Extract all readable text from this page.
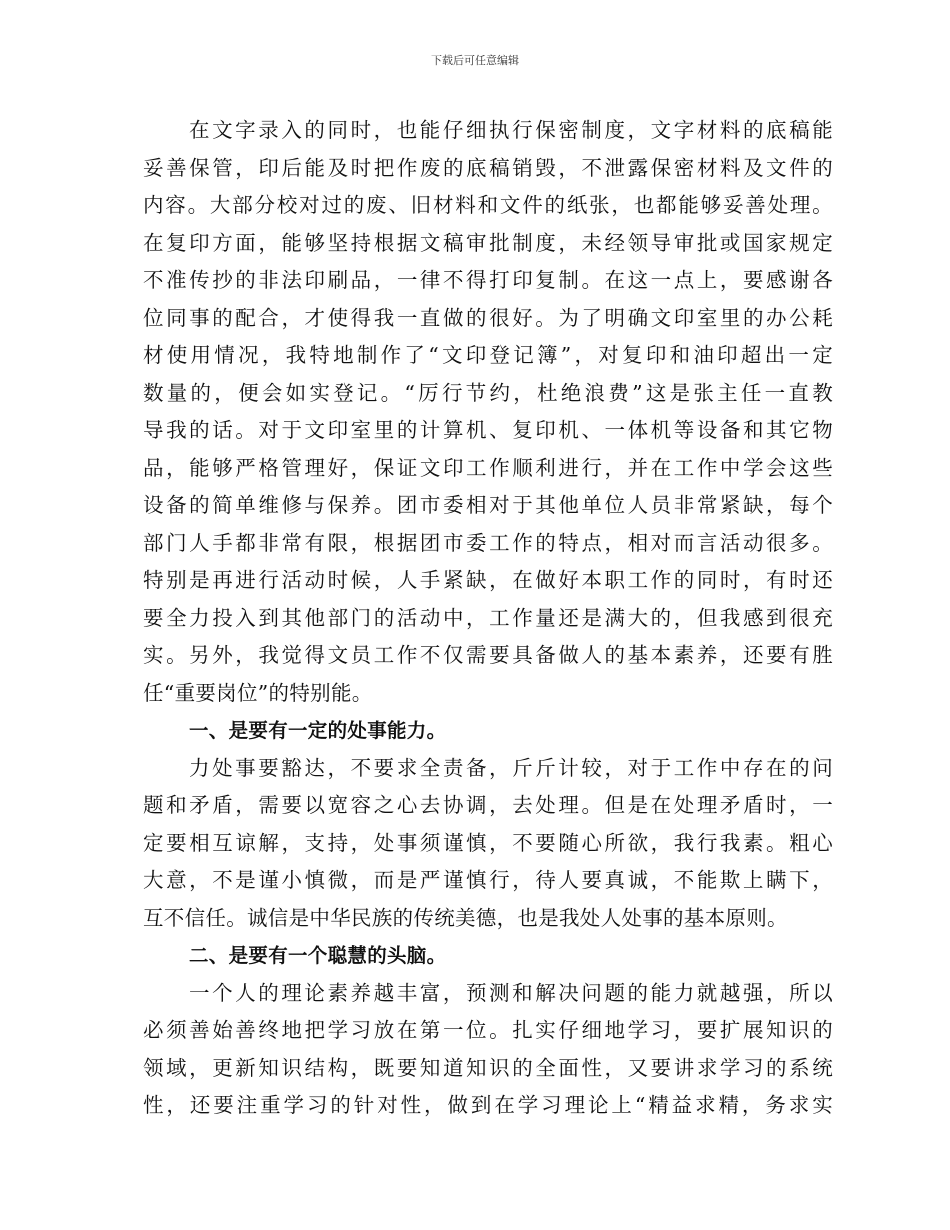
下载后可任意编辑
在文字录入的同时，也能仔细执行保密制度，文字材料的底稿能
妥善保管，印后能及时把作废的底稿销毁，不泄露保密材料及文件的
内容。大部分校对过的废、旧材料和文件的纸张，也都能够妥善处理。
在复印方面，能够坚持根据文稿审批制度，未经领导审批或国家规定
不准传抄的非法印刷品，一律不得打印复制。在这一点上，要感谢各
位同事的配合，才使得我一直做的很好。为了明确文印室里的办公耗
材使用情况，我特地制作了“文印登记簿”，对复印和油印超出一定
数量的，便会如实登记。“厉行节约，杜绝浪费”这是张主任一直教
导我的话。对于文印室里的计算机、复印机、一体机等设备和其它物
品，能够严格管理好，保证文印工作顺利进行，并在工作中学会这些
设备的简单维修与保养。团市委相对于其他单位人员非常紧缺，每个
部门人手都非常有限，根据团市委工作的特点，相对而言活动很多。
特别是再进行活动时候，人手紧缺，在做好本职工作的同时，有时还
要全力投入到其他部门的活动中，工作量还是满大的，但我感到很充
实。另外，我觉得文员工作不仅需要具备做人的基本素养，还要有胜
任“重要岗位”的特别能。
一、是要有一定的处事能力。
力处事要豁达，不要求全责备，斤斤计较，对于工作中存在的问
题和矛盾，需要以宽容之心去协调，去处理。但是在处理矛盾时，一
定要相互谅解，支持，处事须谨慎，不要随心所欲，我行我素。粗心
大意，不是谨小慎微，而是严谨慎行，待人要真诚，不能欺上瞒下，
互不信任。诚信是中华民族的传统美德，也是我处人处事的基本原则。
二、是要有一个聪慧的头脑。
一个人的理论素养越丰富，预测和解决问题的能力就越强，所以
必须善始善终地把学习放在第一位。扎实仔细地学习，要扩展知识的
领域，更新知识结构，既要知道知识的全面性，又要讲求学习的系统
性，还要注重学习的针对性，做到在学习理论上“精益求精，务求实
